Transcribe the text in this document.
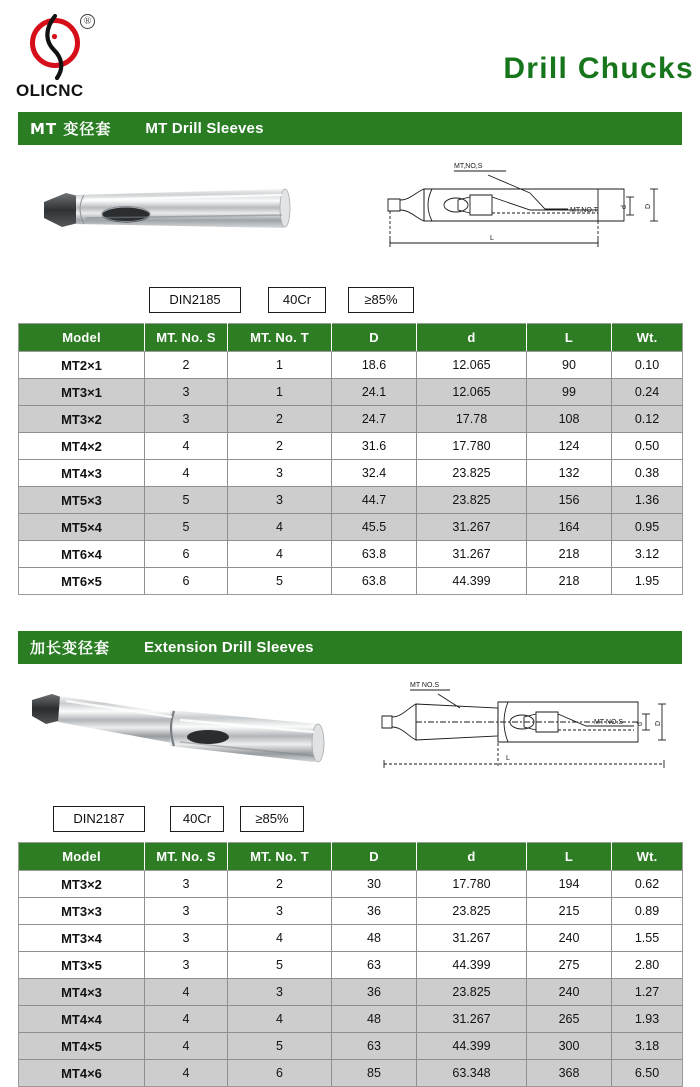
®
OLICNC
Drill Chucks
MT 变径套 MT Drill Sleeves
MT,NO,S
MT,NO,T	d D
L
DIN2185	40Cr	≥85%
Model	MT. No. S	MT. No. T	D	d	L	Wt.
MT2×1	2	1	18.6	12.065	90	0.10
MT3×1	3	1	24.1	12.065	99	0.24
MT3×2	3	2	24.7	17.78	108	0.12
MT4×2	4	2	31.6	17.780	124	0.50
MT4×3	4	3	32.4	23.825	132	0.38
MT5×3	5	3	44.7	23.825	156	1.36
MT5×4	5	4	45.5	31.267	164	0.95
MT6×4	6	4	63.8	31.267	218	3.12
MT6×5	6	5	63.8	44.399	218	1.95
加长变径套 Extension Drill Sleeves
MT NO.S
MT NO.S d D
L
DIN2187	40Cr	≥85%
Model	MT. No. S	MT. No. T	D	d	L	Wt.
MT3×2	3	2	30	17.780	194	0.62
MT3×3	3	3	36	23.825	215	0.89
MT3×4	3	4	48	31.267	240	1.55
MT3×5	3	5	63	44.399	275	2.80
MT4×3	4	3	36	23.825	240	1.27
MT4×4	4	4	48	31.267	265	1.93
MT4×5	4	5	63	44.399	300	3.18
MT4×6	4	6	85	63.348	368	6.50
